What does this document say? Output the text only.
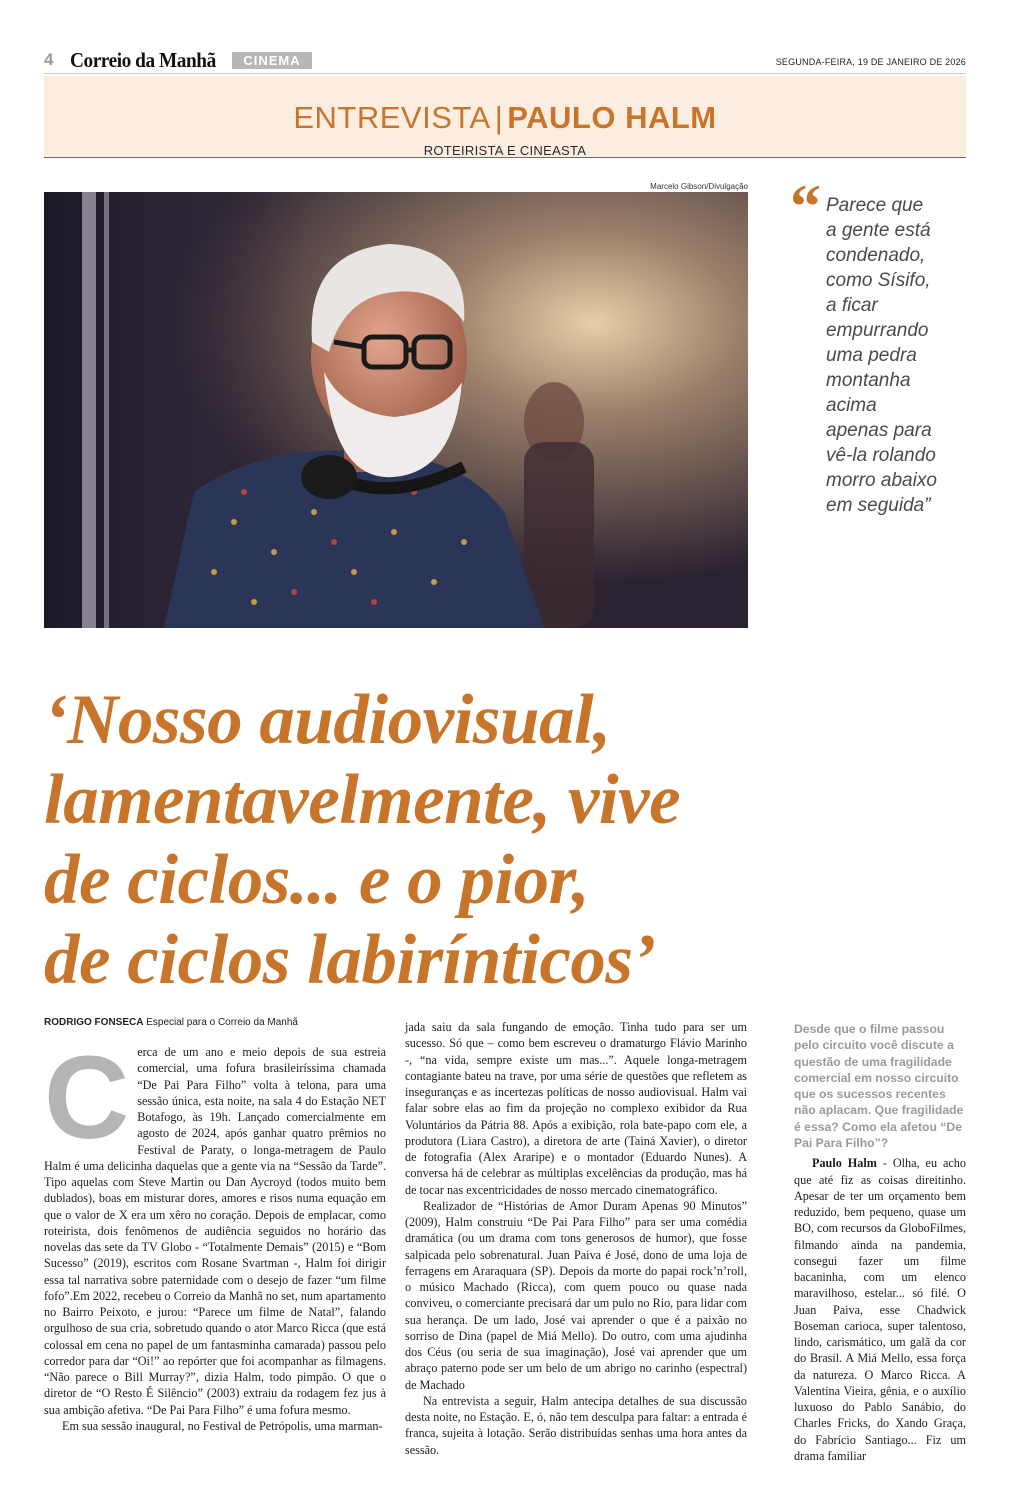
4 Correio da Manhã	CINEMA	SEGUNDA-FEIRA, 19 DE JANEIRO DE 2026
ENTREVISTA | PAULO HALM
ROTEIRISTA E CINEASTA
Marcelo Gibson/Divulgação “ Parece que
a gente está
condenado,
como Sísifo,
a ficar
empurrando
uma pedra
montanha
acima
apenas para
vê-la rolando
morro abaixo
em seguida”
‘Nosso audiovisual,
lamentavelmente, vive
de ciclos... e o pior,
de ciclos labirínticos’
RODRIGO FONSECA Especial para o Correio da Manhã
C erca de um ano e meio depois de sua estreia comercial, uma fofura brasileiríssima chamada “De Pai Para Filho” volta à telona, para uma sessão única, esta noite, na sala 4 do Estação NET Botafogo, às 19h. Lançado comercialmente em agosto de 2024, após ganhar quatro prêmios no Festival de Paraty, o longa-metragem de Paulo Halm é uma delicinha daquelas que a gente via na “Sessão da Tarde”. Tipo aquelas com Steve Martin ou Dan Aycroyd (todos muito bem dublados), boas em misturar dores, amores e risos numa equação em que o valor de X era um xêro no coração. Depois de emplacar, como roteirista, dois fenômenos de audiência seguidos no horário das novelas das sete da TV Globo - “Totalmente Demais” (2015) e “Bom Sucesso” (2019), escritos com Rosane Svartman -, Halm foi dirigir essa tal narrativa sobre paternidade com o desejo de fazer “um filme fofo”.Em 2022, recebeu o Correio da Manhã no set, num apartamento no Bairro Peixoto, e jurou: “Parece um filme de Natal”, falando orgulhoso de sua cria, sobretudo quando o ator Marco Ricca (que está colossal em cena no papel de um fantasminha camarada) passou pelo corredor para dar “Oi!” ao repórter que foi acompanhar as filmagens. “Não parece o Bill Murray?”, dizia Halm, todo pimpão. O que o diretor de “O Resto É Silêncio” (2003) extraiu da rodagem fez jus à sua ambição afetiva. “De Pai Para Filho” é uma fofura mesmo.

Em sua sessão inaugural, no Festival de Petrópolis, uma marman-

jada saiu da sala fungando de emoção. Tinha tudo para ser um sucesso. Só que – como bem escreveu o dramaturgo Flávio Marinho -, “na vida, sempre existe um mas...”. Aquele longa-metragem contagiante bateu na trave, por uma série de questões que refletem as inseguranças e as incertezas políticas de nosso audiovisual. Halm vai falar sobre elas ao fim da projeção no complexo exibidor da Rua Voluntários da Pátria 88. Após a exibição, rola bate-papo com ele, a produtora (Liara Castro), a diretora de arte (Tainá Xavier), o diretor de fotografia (Alex Araripe) e o montador (Eduardo Nunes). A conversa há de celebrar as múltiplas excelências da produção, mas há de tocar nas excentricidades de nosso mercado cinematográfico.

Realizador de “Histórias de Amor Duram Apenas 90 Minutos” (2009), Halm construiu “De Pai Para Filho” para ser uma comédia dramática (ou um drama com tons generosos de humor), que fosse salpicada pelo sobrenatural. Juan Paiva é José, dono de uma loja de ferragens em Araraquara (SP). Depois da morte do papai rock’n’roll, o músico Machado (Ricca), com quem pouco ou quase nada conviveu, o comerciante precisará dar um pulo no Rio, para lidar com sua herança. De um lado, José vai aprender o que é a paixão no sorriso de Dina (papel de Miá Mello). Do outro, com uma ajudinha dos Céus (ou seria de sua imaginação), José vai aprender que um abraço paterno pode ser um belo de um abrigo no carinho (espectral) de Machado

Na entrevista a seguir, Halm antecipa detalhes de sua discussão desta noite, no Estação. E, ó, não tem desculpa para faltar: a entrada é franca, sujeita à lotação. Serão distribuídas senhas uma hora antes da sessão.

Desde que o filme passou pelo circuito você discute a questão de uma fragilidade comercial em nosso circuito que os sucessos recentes não aplacam. Que fragilidade é essa? Como ela afetou “De Pai Para Filho”?

Paulo Halm - Olha, eu acho que até fiz as coisas direitinho. Apesar de ter um orçamento bem reduzido, bem pequeno, quase um BO, com recursos da GloboFilmes, filmando ainda na pandemia, consegui fazer um filme bacaninha, com um elenco maravilhoso, estelar... só filé. O Juan Paiva, esse Chadwick Boseman carioca, super talentoso, lindo, carismático, um galã da cor do Brasil. A Miá Mello, essa força da natureza. O Marco Ricca. A Valentina Vieira, gênia, e o auxílio luxuoso do Pablo Sanábio, do Charles Fricks, do Xando Graça, do Fabrício Santiago... Fiz um drama familiar
